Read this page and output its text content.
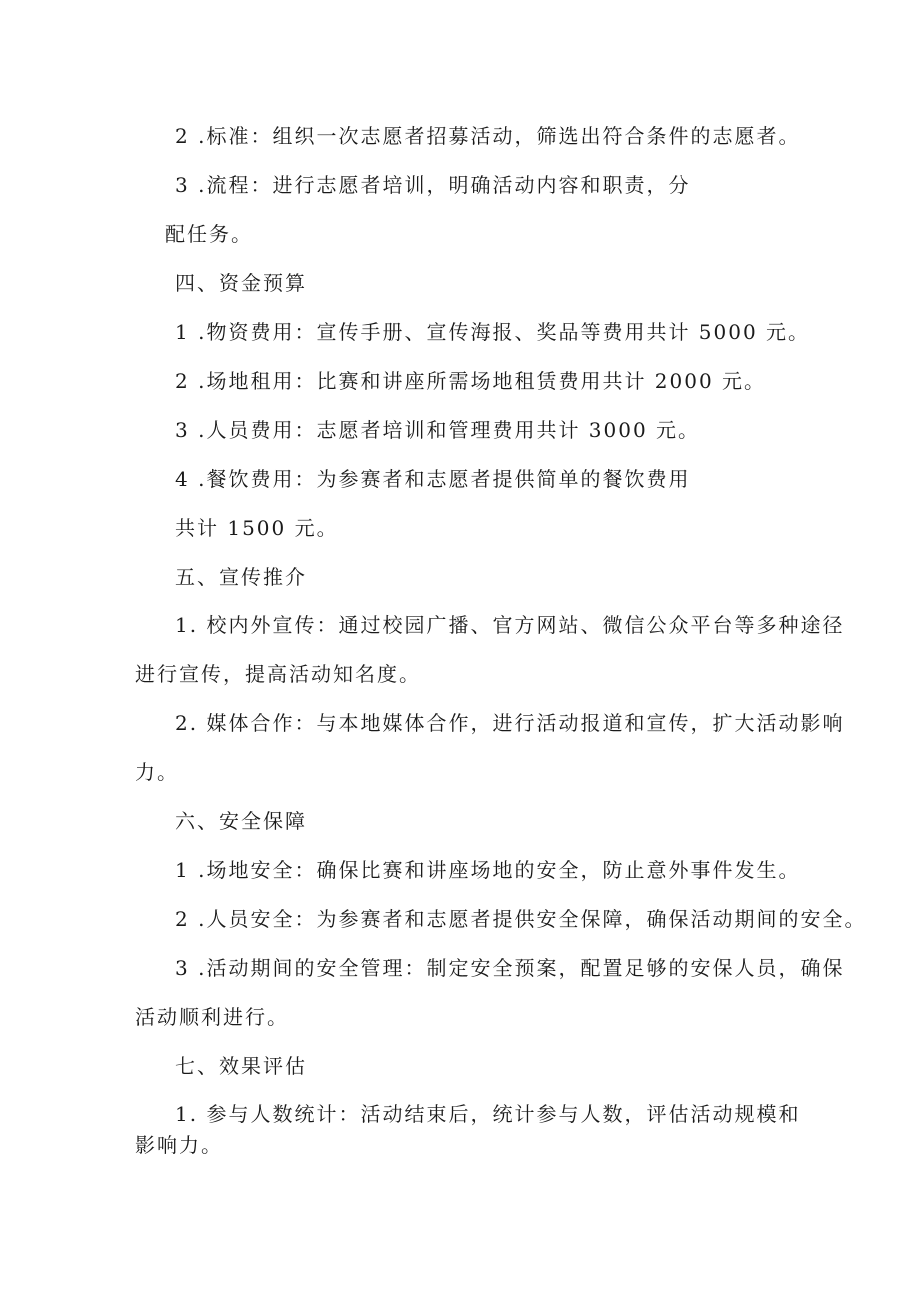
2 .标准：组织一次志愿者招募活动，筛选出符合条件的志愿者。
3 .流程：进行志愿者培训，明确活动内容和职责，分
配任务。
四、资金预算
1 .物资费用：宣传手册、宣传海报、奖品等费用共计 5000 元。
2 .场地租用：比赛和讲座所需场地租赁费用共计 2000 元。
3 .人员费用：志愿者培训和管理费用共计 3000 元。
4 .餐饮费用：为参赛者和志愿者提供简单的餐饮费用
共计 1500 元。
五、宣传推介
1. 校内外宣传：通过校园广播、官方网站、微信公众平台等多种途径
进行宣传，提高活动知名度。
2. 媒体合作：与本地媒体合作，进行活动报道和宣传，扩大活动影响
力。
六、安全保障
1 .场地安全：确保比赛和讲座场地的安全，防止意外事件发生。
2 .人员安全：为参赛者和志愿者提供安全保障，确保活动期间的安全。
3 .活动期间的安全管理：制定安全预案，配置足够的安保人员，确保
活动顺利进行。
七、效果评估
1. 参与人数统计：活动结束后，统计参与人数，评估活动规模和
影响力。
